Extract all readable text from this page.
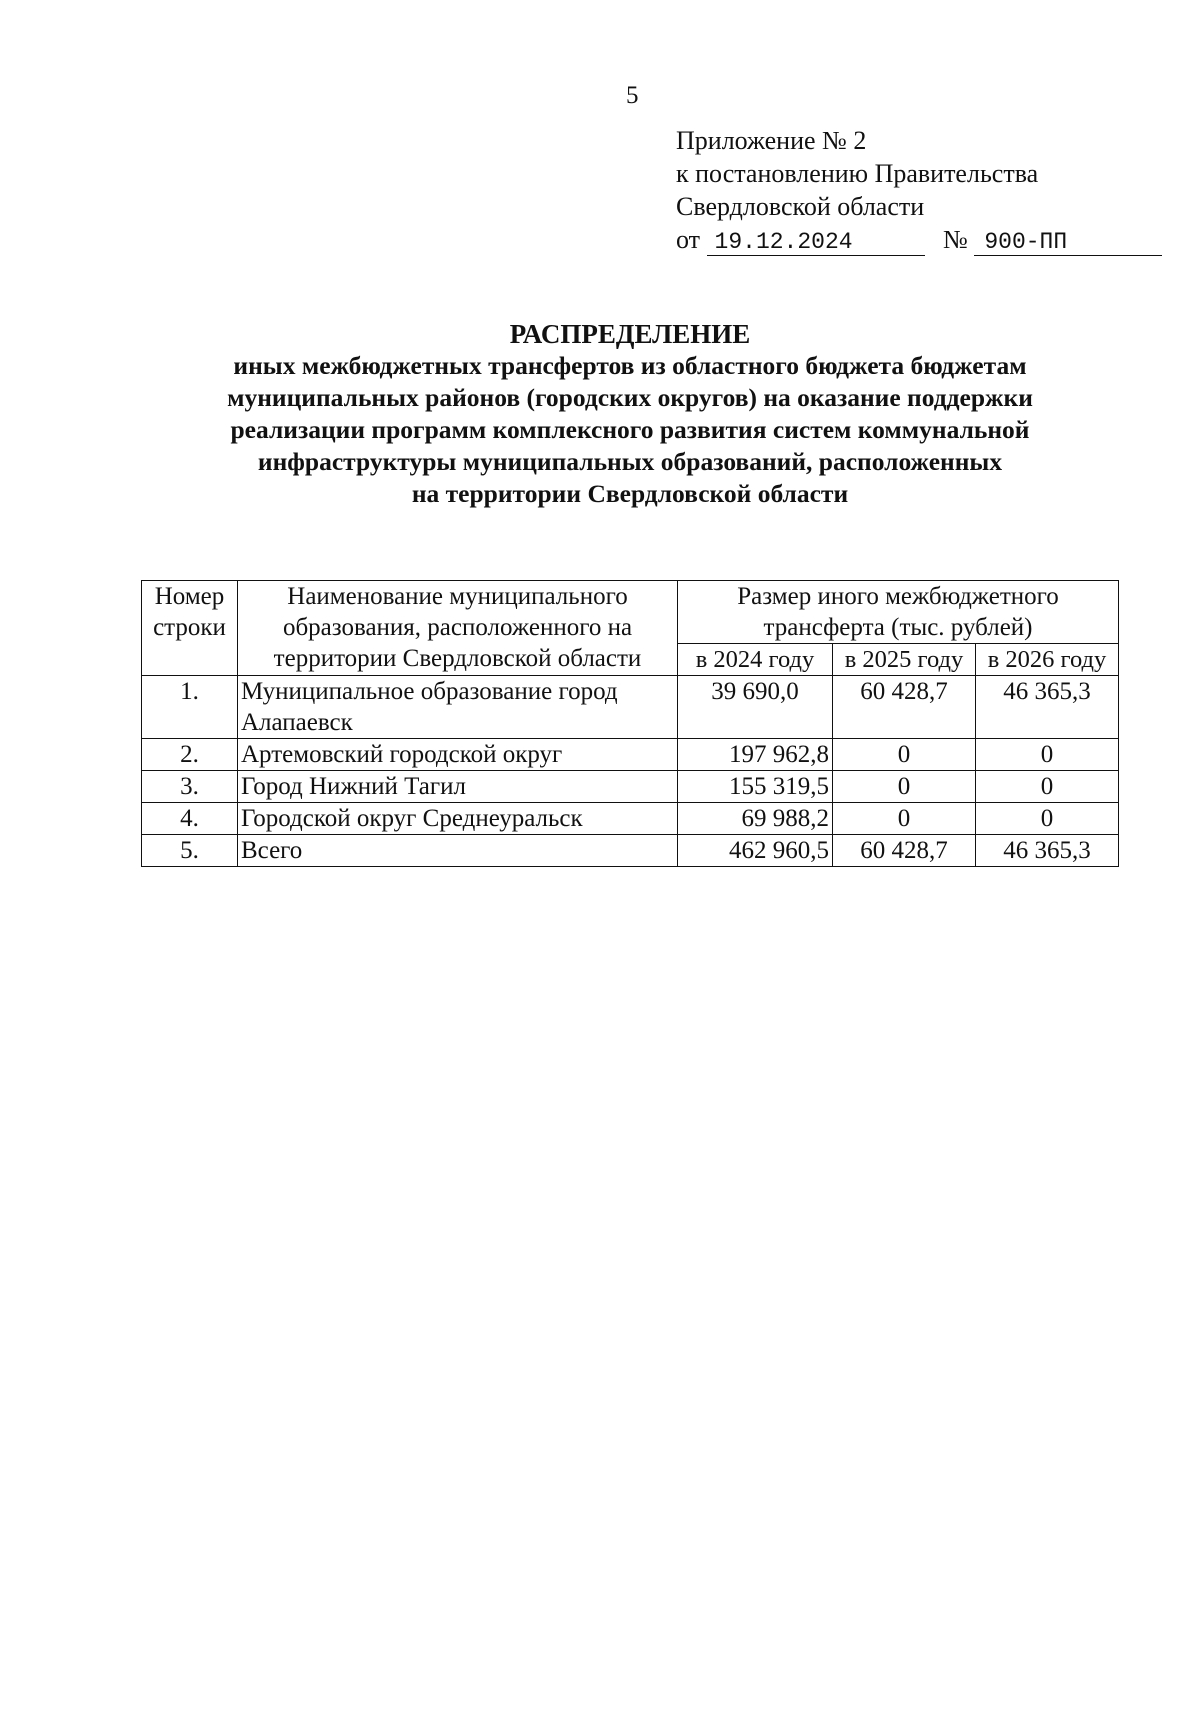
5
Приложение № 2
к постановлению Правительства
Свердловской области
от 19.12.2024	№ 900-ПП
РАСПРЕДЕЛЕНИЕ
иных межбюджетных трансфертов из областного бюджета бюджетам
муниципальных районов (городских округов) на оказание поддержки
реализации программ комплексного развития систем коммунальной
инфраструктуры муниципальных образований, расположенных
на территории Свердловской области
Номер строки	Наименование муниципального образования, расположенного на территории Свердловской области	Размер иного межбюджетного трансферта (тыс. рублей)		
		в 2024 году	в 2025 году	в 2026 году
1.	Муниципальное образование город Алапаевск	39 690,0	60 428,7	46 365,3
2.	Артемовский городской округ	197 962,8	0	0
3.	Город Нижний Тагил	155 319,5	0	0
4.	Городской округ Среднеуральск	69 988,2	0	0
5.	Всего	462 960,5	60 428,7	46 365,3
